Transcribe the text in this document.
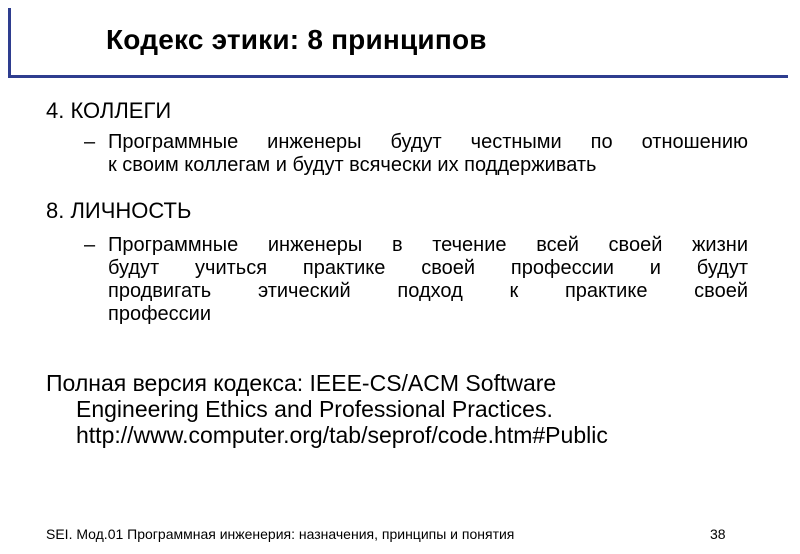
Кодекс этики: 8 принципов
4. КОЛЛЕГИ
– Программные инженеры будут честными по отношению
к своим коллегам и будут всячески их поддерживать
8. ЛИЧНОСТЬ
– Программные инженеры в течение всей своей жизни
будут учиться практике своей профессии и будут
продвигать этический подход к практике своей
профессии
Полная версия кодекса: IEEE-CS/ACM Software
Engineering Ethics and Professional Practices.
http://www.computer.org/tab/seprof/code.htm#Public
SEI. Мод.01 Программная инженерия: назначения, принципы и понятия	38
